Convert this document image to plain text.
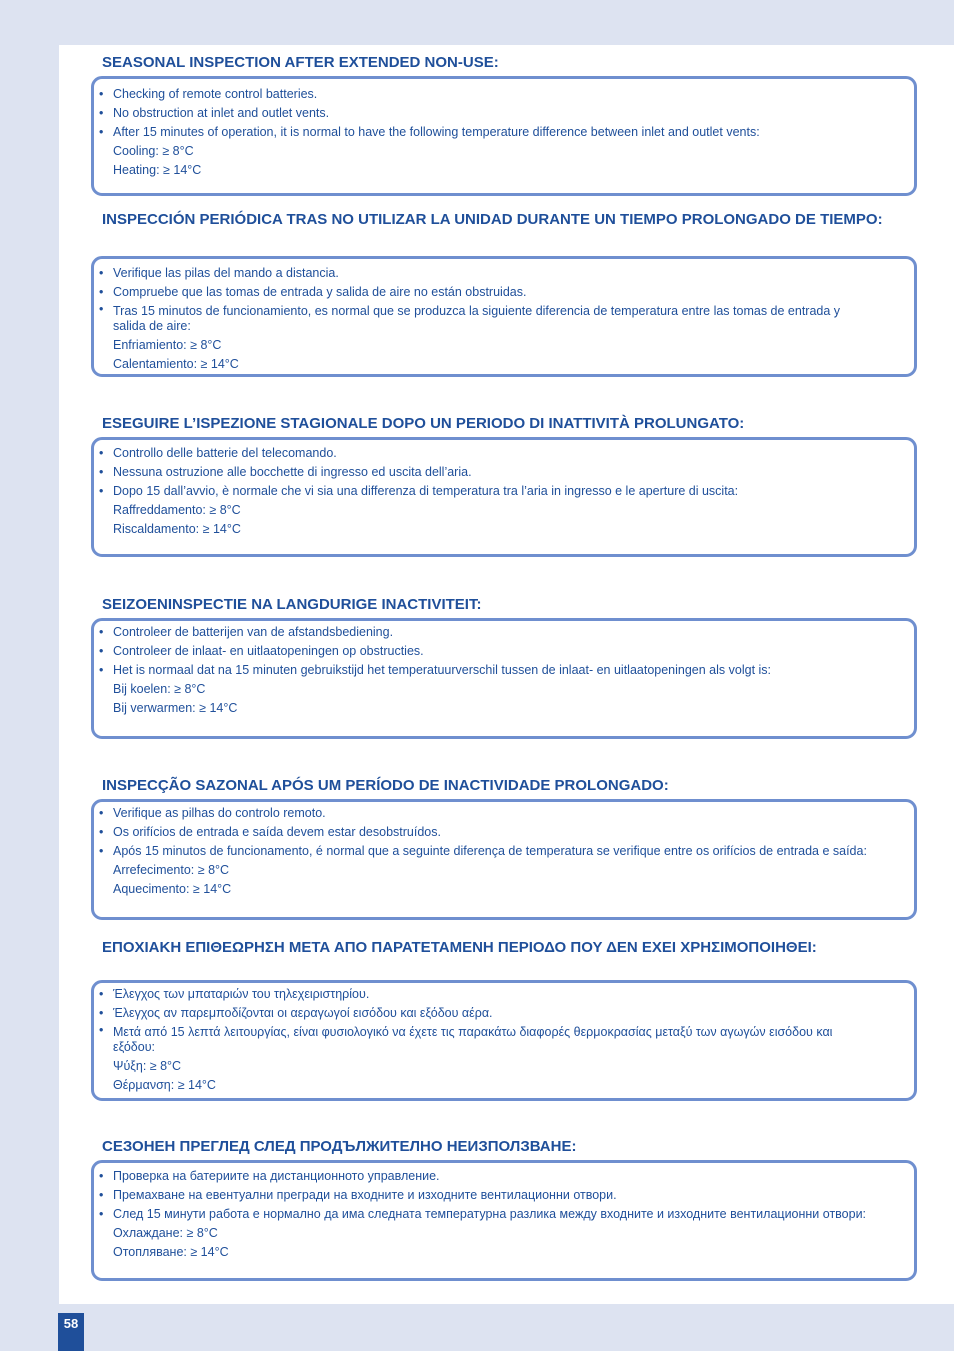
SEASONAL INSPECTION AFTER EXTENDED NON-USE:
• Checking of remote control batteries.
• No obstruction at inlet and outlet vents.
• After 15 minutes of operation, it is normal to have the following temperature difference between inlet and outlet vents:
Cooling: ≥ 8°C
Heating: ≥ 14°C
INSPECCIÓN PERIÓDICA TRAS NO UTILIZAR LA UNIDAD DURANTE UN TIEMPO PROLONGADO DE TIEMPO:
• Verifique las pilas del mando a distancia.
• Compruebe que las tomas de entrada y salida de aire no están obstruidas.
• Tras 15 minutos de funcionamiento, es normal que se produzca la siguiente diferencia de temperatura entre las tomas de entrada y salida de aire:
Enfriamiento: ≥ 8°C
Calentamiento: ≥ 14°C
ESEGUIRE L’ISPEZIONE STAGIONALE DOPO UN PERIODO DI INATTIVITÀ PROLUNGATO:
• Controllo delle batterie del telecomando.
• Nessuna ostruzione alle bocchette di ingresso ed uscita dell’aria.
• Dopo 15 dall’avvio, è normale che vi sia una differenza di temperatura tra l’aria in ingresso e le aperture di uscita:
Raffreddamento: ≥ 8°C
Riscaldamento: ≥ 14°C
SEIZOENINSPECTIE NA LANGDURIGE INACTIVITEIT:
• Controleer de batterijen van de afstandsbediening.
• Controleer de inlaat- en uitlaatopeningen op obstructies.
• Het is normaal dat na 15 minuten gebruikstijd het temperatuurverschil tussen de inlaat- en uitlaatopeningen als volgt is:
Bij koelen: ≥ 8°C
Bij verwarmen: ≥ 14°C
INSPECÇÃO SAZONAL APÓS UM PERÍODO DE INACTIVIDADE PROLONGADO:
• Verifique as pilhas do controlo remoto.
• Os orifícios de entrada e saída devem estar desobstruídos.
• Após 15 minutos de funcionamento, é normal que a seguinte diferença de temperatura se verifique entre os orifícios de entrada e saída:
Arrefecimento: ≥ 8°C
Aquecimento: ≥ 14°C
ΕΠΟΧΙΑΚΗ ΕΠΙΘΕΩΡΗΣΗ ΜΕΤΑ ΑΠΟ ΠΑΡΑΤΕΤΑΜΕΝΗ ΠΕΡΙΟΔΟ ΠΟΥ ΔΕΝ ΕΧΕΙ ΧΡΗΣΙΜΟΠΟΙΗΘΕΙ:
• Έλεγχος των μπαταριών του τηλεχειριστηρίου.
• Έλεγχος αν παρεμποδίζονται οι αεραγωγοί εισόδου και εξόδου αέρα.
• Μετά από 15 λεπτά λειτουργίας, είναι φυσιολογικό να έχετε τις παρακάτω διαφορές θερμοκρασίας μεταξύ των αγωγών εισόδου και εξόδου:
Ψύξη: ≥ 8°C
Θέρμανση: ≥ 14°C
СЕЗОНЕН ПРЕГЛЕД СЛЕД ПРОДЪЛЖИТЕЛНО НЕИЗПОЛЗВАНЕ:
• Проверка на батериите на дистанционното управление.
• Премахване на евентуални прегради на входните и изходните вентилационни отвори.
• След 15 минути работа е нормално да има следната температурна разлика между входните и изходните вентилационни отвори:
Охлаждане: ≥ 8°C
Отопляване: ≥ 14°C
58
